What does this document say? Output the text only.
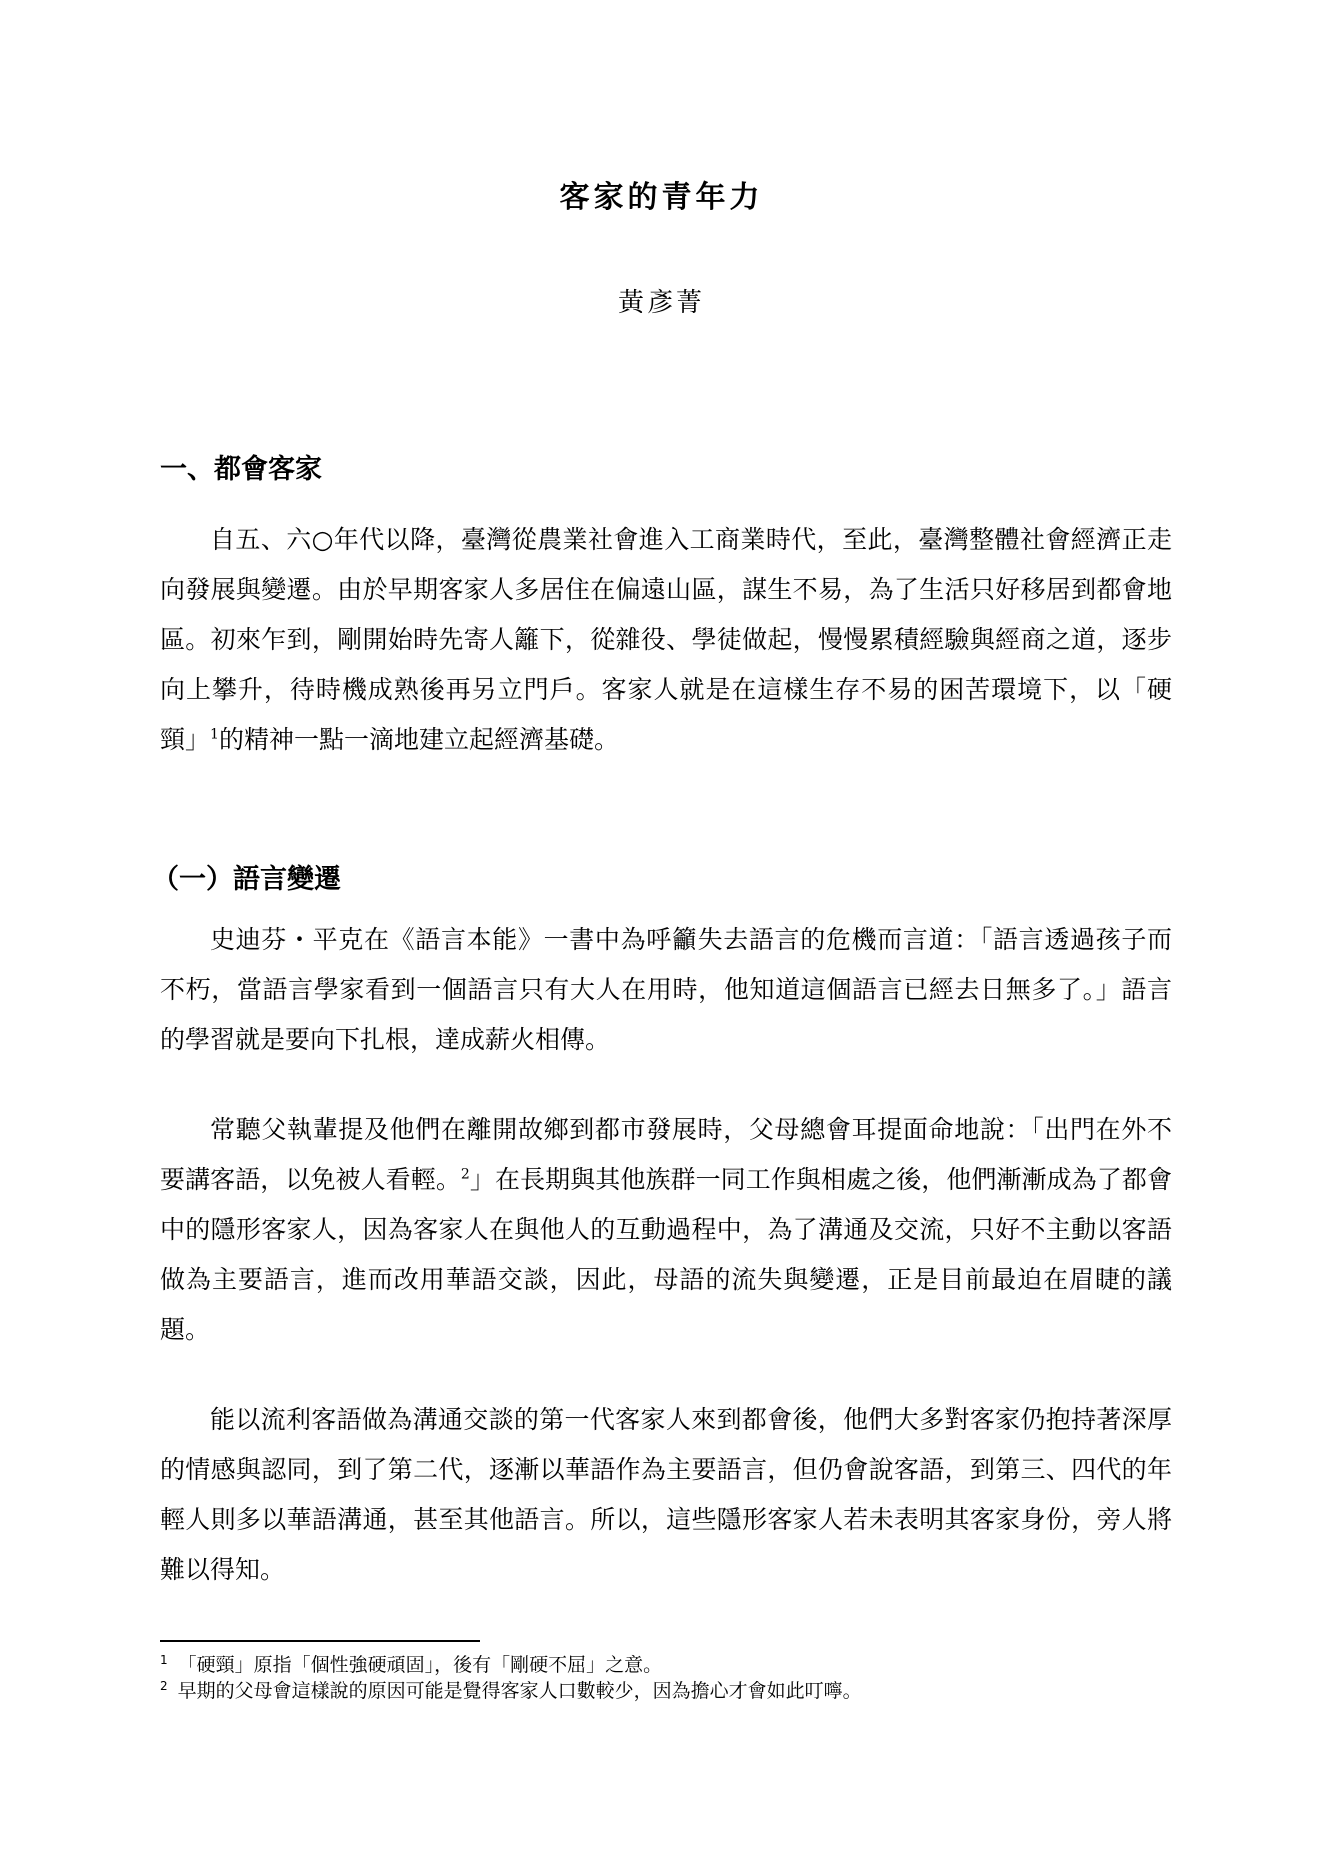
客家的青年力
黃彥菁
一、都會客家

自五、六○年代以降，臺灣從農業社會進入工商業時代，至此，臺灣整體社會經濟正走向發展與變遷。由於早期客家人多居住在偏遠山區，謀生不易，為了生活只好移居到都會地區。初來乍到，剛開始時先寄人籬下，從雜役、學徒做起，慢慢累積經驗與經商之道，逐步向上攀升，待時機成熟後再另立門戶。客家人就是在這樣生存不易的困苦環境下，以「硬頸」$^1$的精神一點一滴地建立起經濟基礎。

（一）語言變遷

史迪芬・平克在《語言本能》一書中為呼籲失去語言的危機而言道：「語言透過孩子而不朽，當語言學家看到一個語言只有大人在用時，他知道這個語言已經去日無多了。」語言的學習就是要向下扎根，達成薪火相傳。

常聽父執輩提及他們在離開故鄉到都市發展時，父母總會耳提面命地說：「出門在外不要講客語，以免被人看輕。$^2$」在長期與其他族群一同工作與相處之後，他們漸漸成為了都會中的隱形客家人，因為客家人在與他人的互動過程中，為了溝通及交流，只好不主動以客語做為主要語言，進而改用華語交談，因此，母語的流失與變遷，正是目前最迫在眉睫的議題。

能以流利客語做為溝通交談的第一代客家人來到都會後，他們大多對客家仍抱持著深厚的情感與認同，到了第二代，逐漸以華語作為主要語言，但仍會說客語，到第三、四代的年輕人則多以華語溝通，甚至其他語言。所以，這些隱形客家人若未表明其客家身份，旁人將難以得知。

$^1$ 「硬頸」原指「個性強硬頑固」，後有「剛硬不屈」之意。
$^2$ 早期的父母會這樣說的原因可能是覺得客家人口數較少，因為擔心才會如此叮嚀。
